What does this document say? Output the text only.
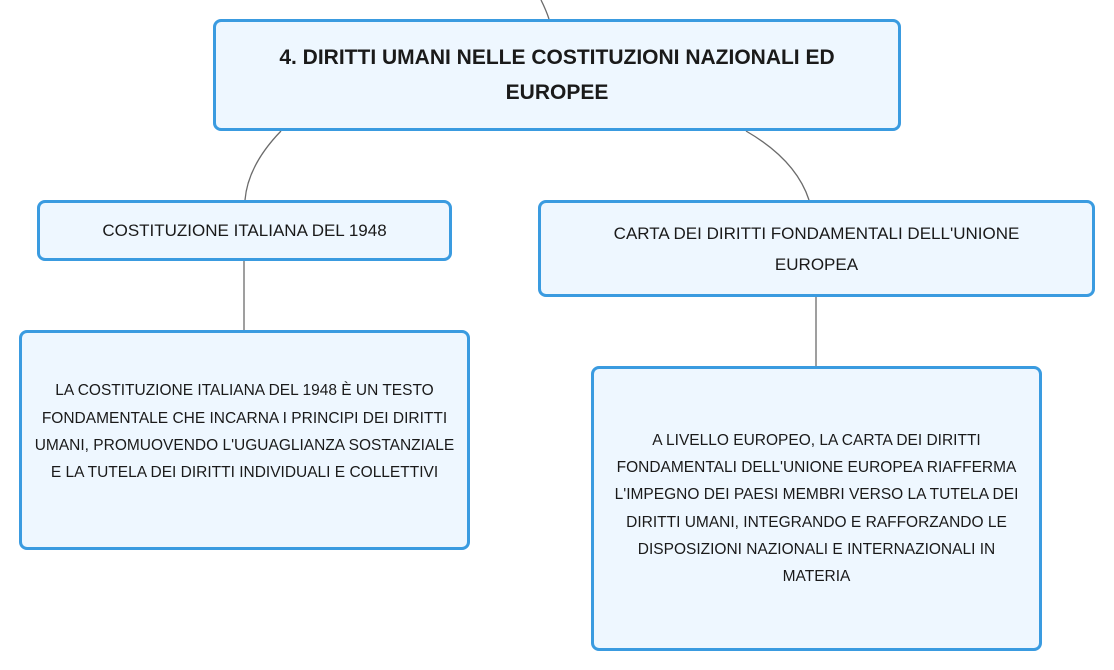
4. DIRITTI UMANI NELLE COSTITUZIONI NAZIONALI ED EUROPEE
COSTITUZIONE ITALIANA DEL 1948	CARTA DEI DIRITTI FONDAMENTALI DELL'UNIONE EUROPEA
LA COSTITUZIONE ITALIANA DEL 1948 È UN TESTO FONDAMENTALE CHE INCARNA I PRINCIPI DEI DIRITTI UMANI, PROMUOVENDO L'UGUAGLIANZA SOSTANZIALE E LA TUTELA DEI DIRITTI INDIVIDUALI E COLLETTIVI
A LIVELLO EUROPEO, LA CARTA DEI DIRITTI FONDAMENTALI DELL'UNIONE EUROPEA RIAFFERMA L'IMPEGNO DEI PAESI MEMBRI VERSO LA TUTELA DEI DIRITTI UMANI, INTEGRANDO E RAFFORZANDO LE DISPOSIZIONI NAZIONALI E INTERNAZIONALI IN MATERIA
